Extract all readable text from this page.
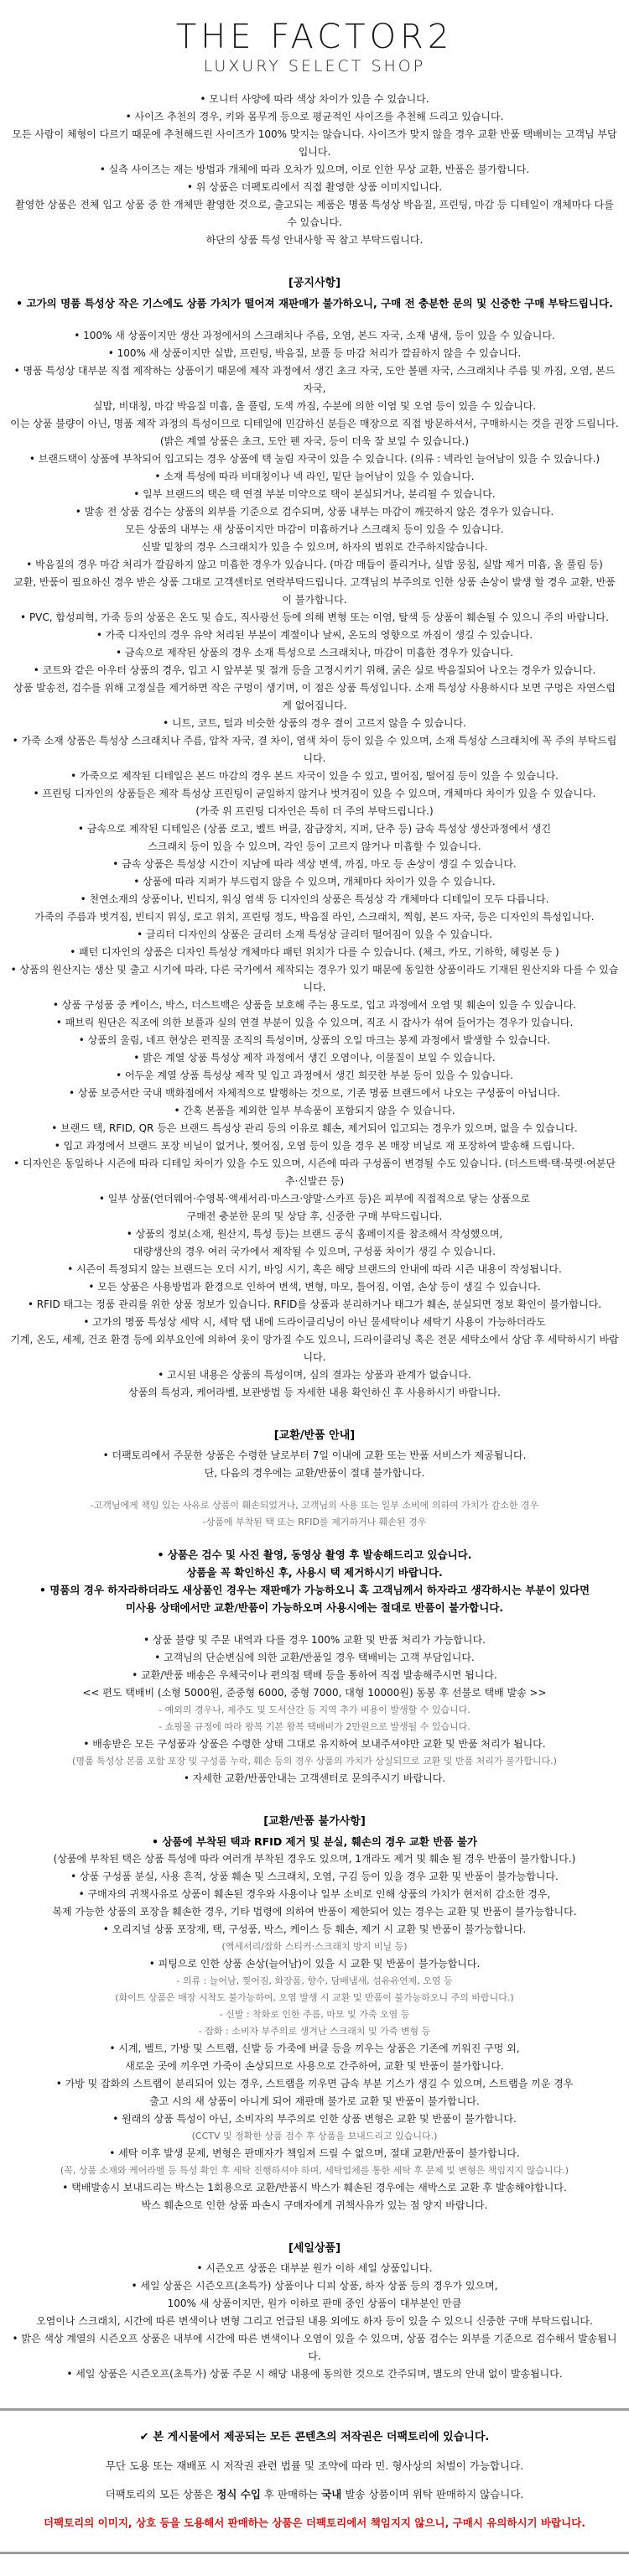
THE FACTOR2
LUXURY SELECT SHOP
• 모니터 사양에 따라 색상 차이가 있을 수 있습니다.
• 사이즈 추천의 경우, 키와 몸무게 등으로 평균적인 사이즈를 추천해 드리고 있습니다.
모든 사람이 체형이 다르기 때문에 추천해드린 사이즈가 100% 맞지는 않습니다. 사이즈가 맞지 않을 경우 교환 반품 택배비는 고객님 부담입니다.
• 실측 사이즈는 재는 방법과 개체에 따라 오차가 있으며, 이로 인한 무상 교환, 반품은 불가합니다.
• 위 상품은 더팩토리에서 직접 촬영한 상품 이미지입니다.
촬영한 상품은 전체 입고 상품 중 한 개체만 촬영한 것으로, 출고되는 제품은 명품 특성상 박음질, 프린팅, 마감 등 디테일이 개체마다 다를 수 있습니다.
하단의 상품 특성 안내사항 꼭 참고 부탁드립니다.
[공지사항]
• 고가의 명품 특성상 작은 기스에도 상품 가치가 떨어져 재판매가 불가하오니, 구매 전 충분한 문의 및 신중한 구매 부탁드립니다.
• 100% 새 상품이지만 생산 과정에서의 스크래치나 주름, 오염, 본드 자국, 소재 냄새, 등이 있을 수 있습니다.
• 100% 새 상품이지만 실밥, 프린팅, 박음질, 보풀 등 마감 처리가 깔끔하지 않을 수 있습니다.
• 명품 특성상 대부분 직접 제작하는 상품이기 때문에 제작 과정에서 생긴 초크 자국, 도안 볼펜 자국, 스크래치나 주름 및 까짐, 오염, 본드 자국,
실밥, 비대칭, 마감 박음질 미흡, 올 풀림, 도색 까짐, 수분에 의한 이염 및 오염 등이 있을 수 있습니다.
이는 상품 불량이 아닌, 명품 제작 과정의 특성이므로 디테일에 민감하신 분들은 매장으로 직접 방문하셔서, 구매하시는 것을 권장 드립니다.
(밝은 계열 상품은 초크, 도안 펜 자국, 등이 더욱 잘 보일 수 있습니다.)
• 브랜드택이 상품에 부착되어 입고되는 경우 상품에 택 눌림 자국이 있을 수 있습니다. (의류 : 넥라인 늘어남이 있을 수 있습니다.)
• 소재 특성에 따라 비대칭이나 넥 라인, 밑단 늘어남이 있을 수 있습니다.
• 일부 브랜드의 택은 택 연결 부분 미약으로 택이 분실되거나, 분리될 수 있습니다.
• 발송 전 상품 검수는 상품의 외부를 기준으로 검수되며, 상품 내부는 마감이 깨끗하지 않은 경우가 있습니다.
모든 상품의 내부는 새 상품이지만 마감이 미흡하거나 스크래치 등이 있을 수 있습니다.
신발 밑창의 경우 스크래치가 있을 수 있으며, 하자의 범위로 간주하지않습니다.
• 박음질의 경우 마감 처리가 깔끔하지 않고 미흡한 경우가 있습니다. (마감 매듭이 풀리거나, 실밥 뭉침, 실밥 제거 미흡, 올 풀림 등)
교환, 반품이 필요하신 경우 받은 상품 그대로 고객센터로 연락부탁드립니다. 고객님의 부주의로 인한 상품 손상이 발생 할 경우 교환, 반품이 불가합니다.
• PVC, 합성피혁, 가죽 등의 상품은 온도 및 습도, 직사광선 등에 의해 변형 또는 이염, 탈색 등 상품이 훼손될 수 있으니 주의 바랍니다.
• 가죽 디자인의 경우 유약 처리된 부분이 계절이나 날씨, 온도의 영향으로 까짐이 생길 수 있습니다.
• 금속으로 제작된 상품의 경우 소재 특성으로 스크래치나, 마감이 미흡한 경우가 있습니다.
• 코트와 같은 아우터 상품의 경우, 입고 시 앞부분 및 절개 등을 고정시키기 위해, 굵은 실로 박음질되어 나오는 경우가 있습니다.
상품 발송전, 검수를 위해 고정실을 제거하면 작은 구멍이 생기며, 이 점은 상품 특성입니다. 소재 특성상 사용하시다 보면 구멍은 자연스럽게 없어집니다.
• 니트, 코트, 털과 비슷한 상품의 경우 결이 고르지 않을 수 있습니다.
• 가죽 소재 상품은 특성상 스크래치나 주름, 압착 자국, 결 차이, 염색 차이 등이 있을 수 있으며, 소재 특성상 스크래치에 꼭 주의 부탁드립니다.
• 가죽으로 제작된 디테일은 본드 마감의 경우 본드 자국이 있을 수 있고, 벌어짐, 떨어짐 등이 있을 수 있습니다.
• 프린팅 디자인의 상품들은 제작 특성상 프린팅이 균일하지 않거나 벗겨짐이 있을 수 있으며, 개체마다 차이가 있을 수 있습니다.
(가죽 위 프린팅 디자인은 특히 더 주의 부탁드립니다.)
• 금속으로 제작된 디테일은 (상품 로고, 벨트 버클, 잠금장치, 지퍼, 단추 등) 금속 특성상 생산과정에서 생긴
스크래치 등이 있을 수 있으며, 각인 등이 고르지 않거나 미흡할 수 있습니다.
• 금속 상품은 특성상 시간이 지남에 따라 색상 변색, 까짐, 마모 등 손상이 생길 수 있습니다.
• 상품에 따라 지퍼가 부드럽지 않을 수 있으며, 개체마다 차이가 있을 수 있습니다.
• 천연소재의 상품이나, 빈티지, 워싱 염색 등 디자인의 상품은 특성상 각 개체마다 디테일이 모두 다릅니다.
가죽의 주름과 벗겨짐, 빈티지 워싱, 로고 위치, 프린팅 정도, 박음질 라인, 스크래치, 찍힘, 본드 자국, 등은 디자인의 특성입니다.
• 글리터 디자인의 상품은 글리터 소재 특성상 글리터 떨어짐이 있을 수 있습니다.
• 패턴 디자인의 상품은 디자인 특성상 개체마다 패턴 위치가 다를 수 있습니다. (체크, 카모, 기하학, 헤링본 등 )
• 상품의 원산지는 생산 및 출고 시기에 따라, 다른 국가에서 제작되는 경우가 있기 때문에 동일한 상품이라도 기재된 원산지와 다를 수 있습니다.
• 상품 구성품 중 케이스, 박스, 더스트백은 상품을 보호해 주는 용도로, 입고 과정에서 오염 및 훼손이 있을 수 있습니다.
• 패브릭 원단은 직조에 의한 보풀과 실의 연결 부분이 있을 수 있으며, 직조 시 잡사가 섞여 들어가는 경우가 있습니다.
• 상품의 울림, 네프 현상은 편직물 조직의 특성이며, 상품의 오일 마크는 봉제 과정에서 발생할 수 있습니다.
• 밝은 계열 상품 특성상 제작 과정에서 생긴 오염이나, 이물질이 보일 수 있습니다.
• 어두운 계열 상품 특성상 제작 및 입고 과정에서 생긴 희끗한 부분 등이 있을 수 있습니다.
• 상품 보증서란 국내 백화점에서 자체적으로 발행하는 것으로, 기존 명품 브랜드에서 나오는 구성품이 아닙니다.
• 간혹 본품을 제외한 일부 부속품이 포함되지 않을 수 있습니다.
• 브랜드 택, RFID, QR 등은 브랜드 특성상 관리 등의 이유로 훼손, 제거되어 입고되는 경우가 있으며, 없을 수 있습니다.
• 입고 과정에서 브랜드 포장 비닐이 없거나, 찢어짐, 오염 등이 있을 경우 본 매장 비닐로 재 포장하여 발송해 드립니다.
• 디자인은 동일하나 시즌에 따라 디테일 차이가 있을 수도 있으며, 시즌에 따라 구성품이 변경될 수도 있습니다. (더스트백·택·북렛·여분단추·신발끈 등)
• 일부 상품(언더웨어·수영복·액세서리·마스크·양말·스카프 등)은 피부에 직접적으로 닿는 상품으로
구매전 충분한 문의 및 상담 후, 신중한 구매 부탁드립니다.
• 상품의 정보(소재, 원산지, 특성 등)는 브랜드 공식 홈페이지를 참조해서 작성했으며,
대량생산의 경우 여러 국가에서 제작될 수 있으며, 구성품 차이가 생길 수 있습니다.
• 시즌이 특정되지 않는 브랜드는 오더 시기, 바잉 시기, 혹은 해당 브랜드의 안내에 따라 시즌 내용이 작성됩니다.
• 모든 상품은 사용방법과 환경으로 인하여 변색, 변형, 마모, 틀어짐, 이염, 손상 등이 생길 수 있습니다.
• RFID 태그는 정품 관리를 위한 상품 정보가 있습니다. RFID를 상품과 분리하거나 태그가 훼손, 분실되면 정보 확인이 불가합니다.
• 고가의 명품 특성상 세탁 시, 세탁 탭 내에 드라이클리닝이 아닌 물세탁이나 세탁기 사용이 가능하더라도
기계, 온도, 세제, 건조 환경 등에 외부요인에 의하여 옷이 망가질 수도 있으니, 드라이클리닝 혹은 전문 세탁소에서 상담 후 세탁하시기 바랍니다.
• 고시된 내용은 상품의 특성이며, 심의 결과는 상품과 관계가 없습니다.
상품의 특성과, 케어라벨, 보관방법 등 자세한 내용 확인하신 후 사용하시기 바랍니다.
[교환/반품 안내]
• 더팩토리에서 주문한 상품은 수령한 날로부터 7일 이내에 교환 또는 반품 서비스가 제공됩니다.
단, 다음의 경우에는 교환/반품이 절대 불가합니다.
-고객님에게 책임 있는 사유로 상품이 훼손되었거나, 고객님의 사용 또는 일부 소비에 의하여 가치가 감소한 경우
-상품에 부착된 택 또는 RFID를 제거하거나 훼손된 경우
• 상품은 검수 및 사진 촬영, 동영상 촬영 후 발송해드리고 있습니다.
상품을 꼭 확인하신 후, 사용시 택 제거하시기 바랍니다.
• 명품의 경우 하자라하더라도 새상품인 경우는 재판매가 가능하오니 혹 고객님께서 하자라고 생각하시는 부분이 있다면
미사용 상태에서만 교환/반품이 가능하오며 사용시에는 절대로 반품이 불가합니다.
• 상품 불량 및 주문 내역과 다를 경우 100% 교환 및 반품 처리가 가능합니다.
• 고객님의 단순변심에 의한 교환/반품일 경우 택배비는 고객 부담입니다.
• 교환/반품 배송은 우체국이나 편의점 택배 등을 통하여 직접 발송해주시면 됩니다.
<< 편도 택배비 (소형 5000원, 준중형 6000, 중형 7000, 대형 10000원) 동봉 후 선불로 택배 발송 >>
- 예외의 경우나, 제주도 및 도서산간 등 지역 추가 비용이 발생할 수 있습니다.
- 쇼핑몰 규정에 따라 왕복 기본 왕복 택배비가 2만원으로 발생될 수 있습니다.
• 배송받은 모든 구성품과 상품은 수령한 상태 그대로 유지하여 보내주셔야만 교환 및 반품 처리가 됩니다.
(명품 특성상 본품 포함 포장 및 구성품 누락, 훼손 등의 경우 상품의 가치가 상실되므로 교환 및 반품 처리가 불가합니다.)
• 자세한 교환/반품안내는 고객센터로 문의주시기 바랍니다.
[교환/반품 불가사항]
• 상품에 부착된 택과 RFID 제거 및 분실, 훼손의 경우 교환 반품 불가
(상품에 부착된 택은 상품 특성에 따라 여러개 부착된 경우도 있으며, 1개라도 제거 및 훼손 될 경우 반품이 불가합니다.)
• 상품 구성품 분실, 사용 흔적, 상품 훼손 및 스크래치, 오염, 구김 등이 있을 경우 교환 및 반품이 불가능합니다.
• 구매자의 귀책사유로 상품이 훼손된 경우와 사용이나 일부 소비로 인해 상품의 가치가 현저히 감소한 경우,
복제 가능한 상품의 포장을 훼손한 경우, 기타 법령에 의하여 반품이 제한되어 있는 경우는 교환 및 반품이 불가능합니다.
• 오리지널 상품 포장재, 택, 구성품, 박스, 케이스 등 훼손, 제거 시 교환 및 반품이 불가능합니다.
(액세서리/잡화 스티커·스크래치 방지 비닐 등)
• 피팅으로 인한 상품 손상(늘어남)이 있을 시 교환 및 반품이 불가능합니다.
- 의류 : 늘어남, 찢어짐, 화장품, 향수, 담배냄새, 섬유유연제, 오염 등
(화이트 상품은 매장 시착도 불가능하여, 오염 발생 시 교환 및 반품이 불가능하오니 주의 바랍니다.)
- 신발 : 착화로 인한 주름, 마모 및 가죽 오염 등
- 잡화 : 소비자 부주의로 생겨난 스크래치 및 가죽 변형 등
• 시계, 벨트, 가방 및 스트랩, 신발 등 가죽에 버클 등을 끼우는 상품은 기존에 끼워진 구멍 외,
새로운 곳에 끼우면 가죽이 손상되므로 사용으로 간주하여, 교환 및 반품이 불가합니다.
• 가방 및 잡화의 스트랩이 분리되어 있는 경우, 스트랩을 끼우면 금속 부분 기스가 생길 수 있으며, 스트랩을 끼운 경우
출고 시의 새 상품이 아니게 되어 재판매 불가로 교환 및 반품이 불가합니다.
• 원래의 상품 특성이 아닌, 소비자의 부주의로 인한 상품 변형은 교환 및 반품이 불가합니다.
(CCTV 및 정확한 상품 검수 후 상품을 보내드리고 있습니다.)
• 세탁 이후 발생 문제, 변형은 판매자가 책임져 드릴 수 없으며, 절대 교환/반품이 불가합니다.
(꼭, 상품 소재와 케어라벨 등 특성 확인 후 세탁 진행하셔야 하며, 세탁업체를 통한 세탁 후 문제 및 변형은 책임지지 않습니다.)
• 택배발송시 보내드리는 박스는 1회용으로 교환/반품시 박스가 훼손된 경우에는 새박스로 교환 후 발송해야합니다.
박스 훼손으로 인한 상품 파손시 구매자에게 귀책사유가 있는 점 양지 바랍니다.
[세일상품]
• 시즌오프 상품은 대부분 원가 이하 세일 상품입니다.
• 세일 상품은 시즌오프(초특가) 상품이나 디피 상품, 하자 상품 등의 경우가 있으며,
100% 새 상품이지만, 원가 이하로 판매 중인 상품이 대부분인 만큼
오염이나 스크래치, 시간에 따른 변색이나 변형 그리고 언급된 내용 외에도 하자 등이 있을 수 있으니 신중한 구매 부탁드립니다.
• 밝은 색상 계열의 시즌오프 상품은 내부에 시간에 따른 변색이나 오염이 있을 수 있으며, 상품 검수는 외부를 기준으로 검수해서 발송됩니다.
• 세일 상품은 시즌오프(초특가) 상품 주문 시 해당 내용에 동의한 것으로 간주되며, 별도의 안내 없이 발송됩니다.
✔ 본 게시물에서 제공되는 모든 콘텐츠의 저작권은 더팩토리에 있습니다.
무단 도용 또는 재배포 시 저작권 관련 법률 및 조약에 따라 민. 형사상의 처벌이 가능합니다.
더팩토리의 모든 상품은 정식 수입 후 판매하는 국내 발송 상품이며 위탁 판매하지 않습니다.
더팩토리의 이미지, 상호 등을 도용해서 판매하는 상품은 더팩토리에서 책임지지 않으니, 구매시 유의하시기 바랍니다.
